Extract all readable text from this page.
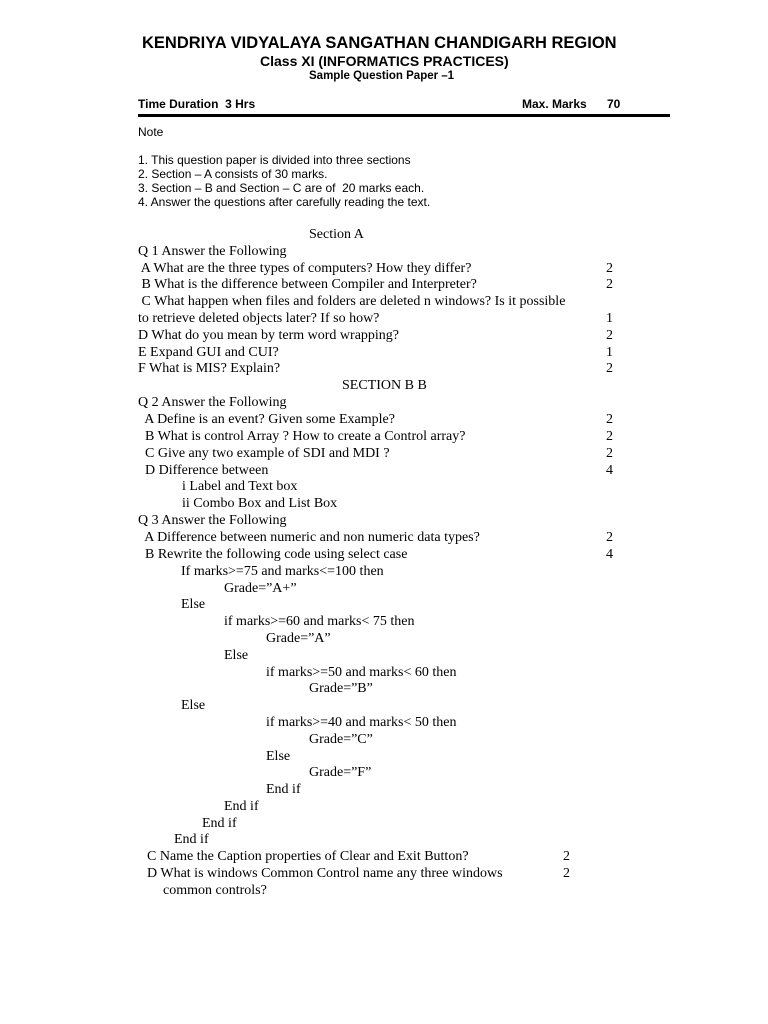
KENDRIYA VIDYALAYA SANGATHAN CHANDIGARH REGION
Class XI (INFORMATICS PRACTICES)
Sample Question Paper –1
Time Duration  3 Hrs	Max. Marks 70
Note
1. This question paper is divided into three sections
2. Section – A consists of 30 marks.
3. Section – B and Section – C are of  20 marks each.
4. Answer the questions after carefully reading the text.
Section A
Q 1 Answer the Following
A What are the three types of computers? How they differ?	2
B What is the difference between Compiler and Interpreter?	2
C What happen when files and folders are deleted n windows? Is it possible
to retrieve deleted objects later? If so how?	1
D What do you mean by term word wrapping?	2
E Expand GUI and CUI?	1
F What is MIS? Explain?	2
SECTION B B
Q 2 Answer the Following
A Define is an event? Given some Example?	2
B What is control Array ? How to create a Control array?	2
C Give any two example of SDI and MDI ?	2
D Difference between	4
i Label and Text box
ii Combo Box and List Box
Q 3 Answer the Following
A Difference between numeric and non numeric data types?	2
B Rewrite the following code using select case	4
If marks>=75 and marks<=100 then
Grade=”A+”
Else
if marks>=60 and marks< 75 then
Grade=”A”
Else
if marks>=50 and marks< 60 then
Grade=”B”
Else
if marks>=40 and marks< 50 then
Grade=”C”
Else
Grade=”F”
End if
End if
End if
End if
C Name the Caption properties of Clear and Exit Button?	2
D What is windows Common Control name any three windows	2
common controls?
